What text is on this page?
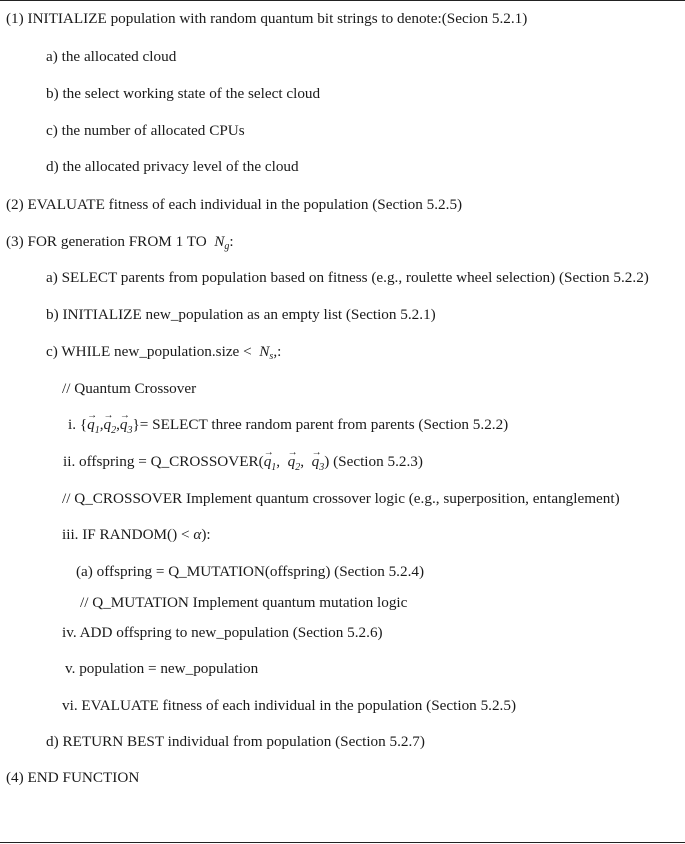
(1) INITIALIZE population with random quantum bit strings to denote:(Secion 5.2.1)
a) the allocated cloud
b) the select working state of the select cloud
c) the number of allocated CPUs
d) the allocated privacy level of the cloud
(2) EVALUATE fitness of each individual in the population (Section 5.2.5)
(3) FOR generation FROM 1 TO $N_g$:
a) SELECT parents from population based on fitness (e.g., roulette wheel selection) (Section 5.2.2)
b) INITIALIZE new_population as an empty list (Section 5.2.1)
c) WHILE new_population.size < $N_s$,:
// Quantum Crossover
i. {→ $q_1,\to q_2,\to q_3\}=$ SELECT three random parent from parents (Section 5.2.2)
ii. offspring = Q_CROSSOVER(→ $q_1$, → $q_2$, → $q_3$) (Section 5.2.3)
// Q_CROSSOVER Implement quantum crossover logic (e.g., superposition, entanglement)
iii. IF RANDOM() < α):
(a) offspring = Q_MUTATION(offspring) (Section 5.2.4)
// Q_MUTATION Implement quantum mutation logic
iv. ADD offspring to new_population (Section 5.2.6)
v. population = new_population
vi. EVALUATE fitness of each individual in the population (Section 5.2.5)
d) RETURN BEST individual from population (Section 5.2.7)
(4) END FUNCTION
